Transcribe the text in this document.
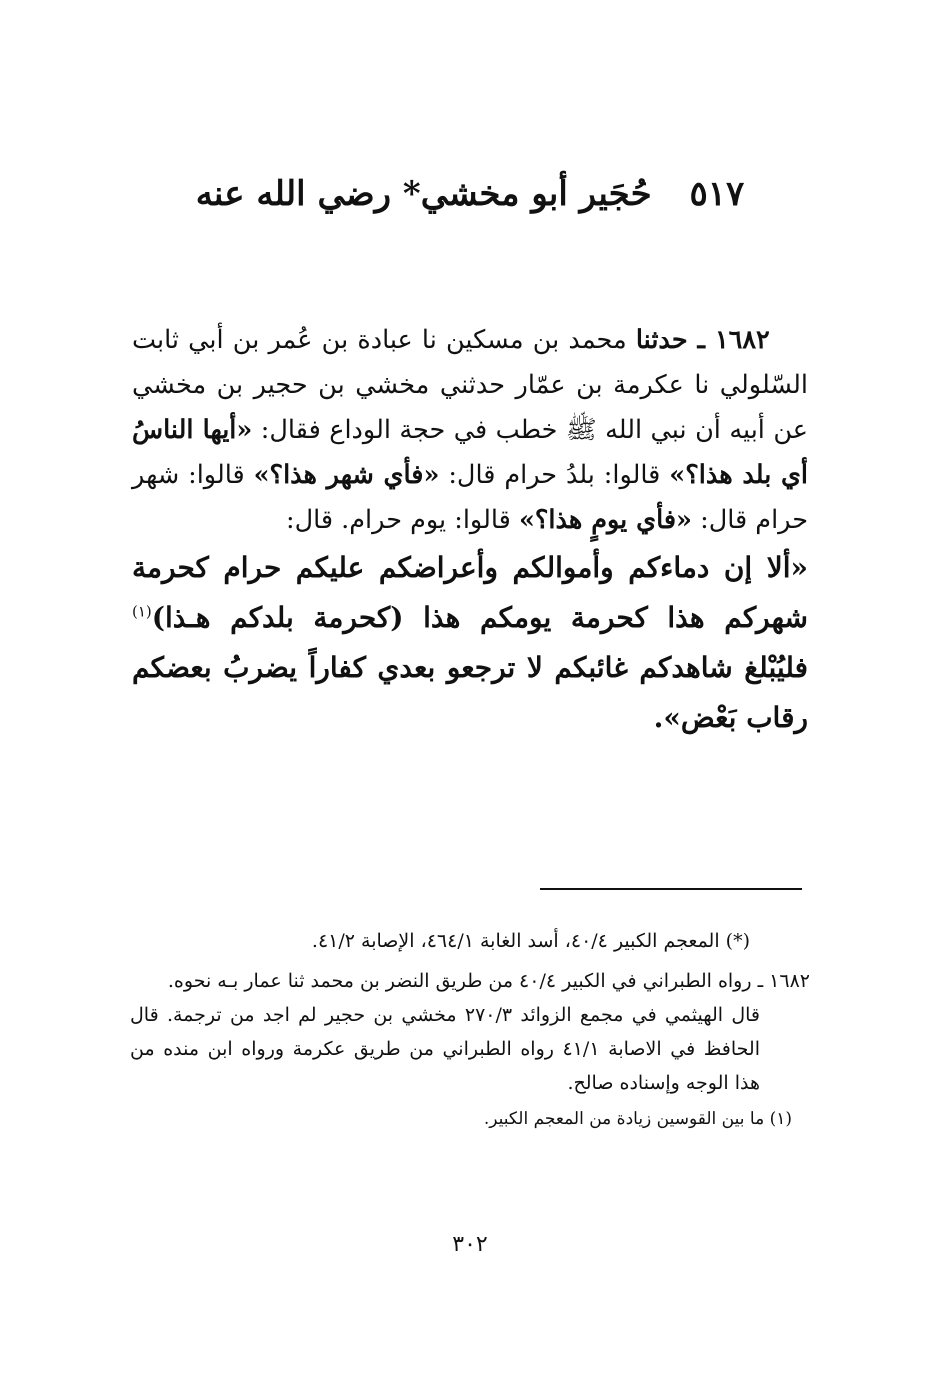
٥١٧ حُجَير أبو مخشي* رضي الله عنه

  ١٦٨٢ ـ حدثنا محمد بن مسكين نا عبادة بن عُمر بن أبي ثابت السّلولي نا عكرمة بن عمّار حدثني مخشي بن حجير بن مخشي عن أبيه أن نبي الله ﷺ خطب في حجة الوداع فقال: «أيها الناسُ أي بلد هذا؟» قالوا: بلدُ حرام قال: «فأي شهر هذا؟» قالوا: شهر حرام قال: «فأي يومٍ هذا؟» قالوا: يوم حرام. قال:

«ألا إن دماءكم وأموالكم وأعراضكم عليكم حرام كحرمة شهركم هذا كحرمة يومكم هذا (كحرمة بلدكم هـذا)$^{(١)}$ فليُبْلغ شاهدكم غائبكم لا ترجعو بعدي كفاراً يضربُ بعضكم رقاب بَعْض».

(*) المعجم الكبير ٤٠/٤، أسد الغابة ٤٦٤/١، الإصابة ٤١/٢.

١٦٨٢ ـ رواه الطبراني في الكبير ٤٠/٤ من طريق النضر بن محمد ثنا عمار بـه نحوه.

قال الهيثمي في مجمع الزوائد ٢٧٠/٣ مخشي بن حجير لم اجد من ترجمة. قال الحافظ في الاصابة ٤١/١ رواه الطبراني من طريق عكرمة ورواه ابن منده من هذا الوجه وإسناده صالح.

(١) ما بين القوسين زيادة من المعجم الكبير.

٣٠٢
